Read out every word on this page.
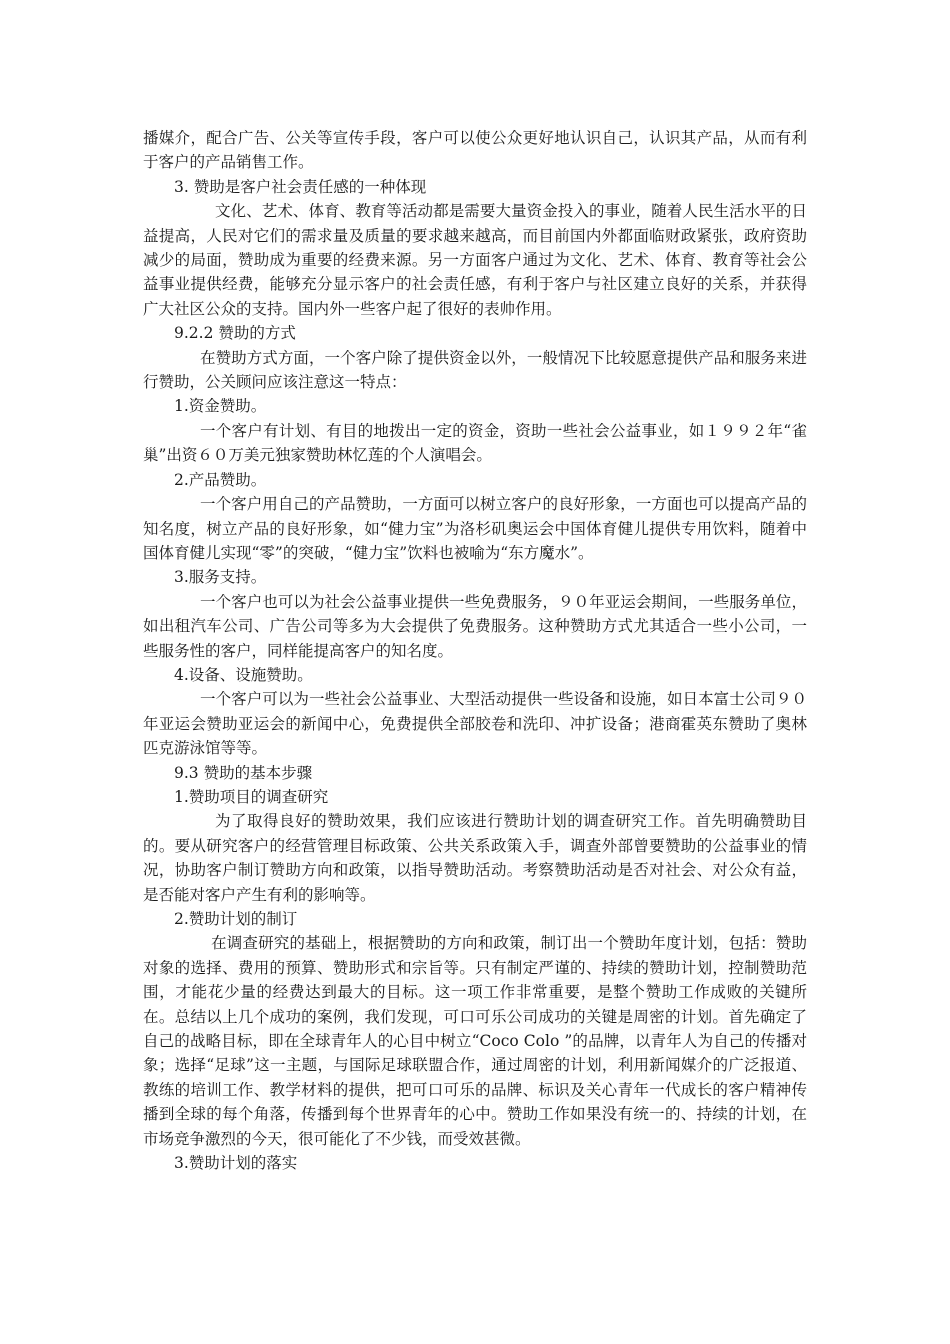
播媒介，配合广告、公关等宣传手段，客户可以使公众更好地认识自己，认识其产品，从而有利于客户的产品销售工作。

3. 赞助是客户社会责任感的一种体现

文化、艺术、体育、教育等活动都是需要大量资金投入的事业，随着人民生活水平的日益提高，人民对它们的需求量及质量的要求越来越高，而目前国内外都面临财政紧张，政府资助减少的局面，赞助成为重要的经费来源。另一方面客户通过为文化、艺术、体育、教育等社会公益事业提供经费，能够充分显示客户的社会责任感，有利于客户与社区建立良好的关系，并获得广大社区公众的支持。国内外一些客户起了很好的表帅作用。

9.2.2 赞助的方式

在赞助方式方面，一个客户除了提供资金以外，一般情况下比较愿意提供产品和服务来进行赞助，公关顾问应该注意这一特点：

1.资金赞助。

一个客户有计划、有目的地拨出一定的资金，资助一些社会公益事业，如１９９２年“雀巢”出资６０万美元独家赞助林忆莲的个人演唱会。

2.产品赞助。

一个客户用自己的产品赞助，一方面可以树立客户的良好形象，一方面也可以提高产品的知名度，树立产品的良好形象，如“健力宝”为洛杉矶奥运会中国体育健儿提供专用饮料，随着中国体育健儿实现“零”的突破，“健力宝”饮料也被喻为“东方魔水”。

3.服务支持。

一个客户也可以为社会公益事业提供一些免费服务，９０年亚运会期间，一些服务单位，如出租汽车公司、广告公司等多为大会提供了免费服务。这种赞助方式尤其适合一些小公司，一些服务性的客户，同样能提高客户的知名度。

4.设备、设施赞助。

一个客户可以为一些社会公益事业、大型活动提供一些设备和设施，如日本富士公司９０年亚运会赞助亚运会的新闻中心，免费提供全部胶卷和洗印、冲扩设备；港商霍英东赞助了奥林匹克游泳馆等等。

9.3 赞助的基本步骤

1.赞助项目的调查研究

为了取得良好的赞助效果，我们应该进行赞助计划的调查研究工作。首先明确赞助目的。要从研究客户的经营管理目标政策、公共关系政策入手，调查外部曾要赞助的公益事业的情况，协助客户制订赞助方向和政策，以指导赞助活动。考察赞助活动是否对社会、对公众有益，是否能对客户产生有利的影响等。

2.赞助计划的制订

在调查研究的基础上，根据赞助的方向和政策，制订出一个赞助年度计划，包括：赞助对象的选择、费用的预算、赞助形式和宗旨等。只有制定严谨的、持续的赞助计划，控制赞助范围，才能花少量的经费达到最大的目标。这一项工作非常重要，是整个赞助工作成败的关键所在。总结以上几个成功的案例，我们发现，可口可乐公司成功的关键是周密的计划。首先确定了自己的战略目标，即在全球青年人的心目中树立“Coco Colo ”的品牌，以青年人为自己的传播对象；选择“足球”这一主题，与国际足球联盟合作，通过周密的计划，利用新闻媒介的广泛报道、教练的培训工作、教学材料的提供，把可口可乐的品牌、标识及关心青年一代成长的客户精神传播到全球的每个角落，传播到每个世界青年的心中。赞助工作如果没有统一的、持续的计划，在市场竞争激烈的今天，很可能化了不少钱，而受效甚微。

3.赞助计划的落实
